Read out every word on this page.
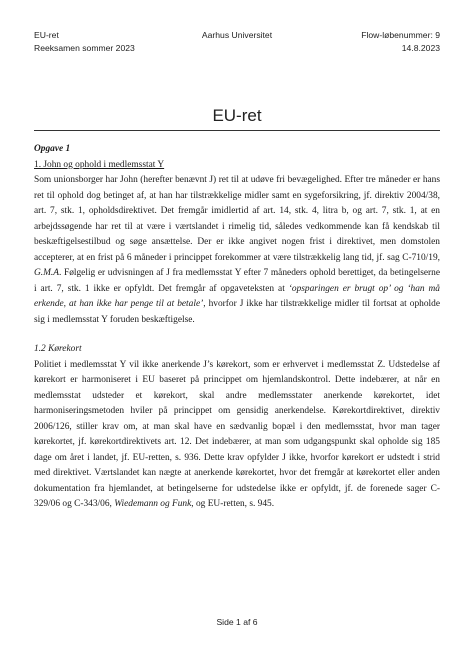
Aarhus Universitet
EU-ret	Flow-løbenummer: 9
Reeksamen sommer 2023	14.8.2023
EU-ret

Opgave 1

1. John og ophold i medlemsstat Y

Som unionsborger har John (herefter benævnt J) ret til at udøve fri bevægelighed. Efter tre måneder er hans ret til ophold dog betinget af, at han har tilstrækkelige midler samt en sygeforsikring, jf. direktiv 2004/38, art. 7, stk. 1, opholdsdirektivet. Det fremgår imidlertid af art. 14, stk. 4, litra b, og art. 7, stk. 1, at en arbejdssøgende har ret til at være i værtslandet i rimelig tid, således vedkommende kan få kendskab til beskæftigelsestilbud og søge ansættelse. Der er ikke angivet nogen frist i direktivet, men domstolen accepterer, at en frist på 6 måneder i princippet forekommer at være tilstrækkelig lang tid, jf. sag C-710/19, G.M.A. Følgelig er udvisningen af J fra medlemsstat Y efter 7 måneders ophold berettiget, da betingelserne i art. 7, stk. 1 ikke er opfyldt. Det fremgår af opgaveteksten at ‘opsparingen er brugt op’ og ‘han må erkende, at han ikke har penge til at betale’, hvorfor J ikke har tilstrækkelige midler til fortsat at opholde sig i medlemsstat Y foruden beskæftigelse.

1.2 Kørekort

Politiet i medlemsstat Y vil ikke anerkende J’s kørekort, som er erhvervet i medlemsstat Z. Udstedelse af kørekort er harmoniseret i EU baseret på princippet om hjemlandskontrol. Dette indebærer, at når en medlemsstat udsteder et kørekort, skal andre medlemsstater anerkende kørekortet, idet harmoniseringsmetoden hviler på princippet om gensidig anerkendelse. Kørekortdirektivet, direktiv 2006/126, stiller krav om, at man skal have en sædvanlig bopæl i den medlemsstat, hvor man tager kørekortet, jf. kørekortdirektivets art. 12. Det indebærer, at man som udgangspunkt skal opholde sig 185 dage om året i landet, jf. EU-retten, s. 936. Dette krav opfylder J ikke, hvorfor kørekort er udstedt i strid med direktivet. Værtslandet kan nægte at anerkende kørekortet, hvor det fremgår at kørekortet eller anden dokumentation fra hjemlandet, at betingelserne for udstedelse ikke er opfyldt, jf. de forenede sager C-329/06 og C-343/06, Wiedemann og Funk, og EU-retten, s. 945.

Side 1 af 6
